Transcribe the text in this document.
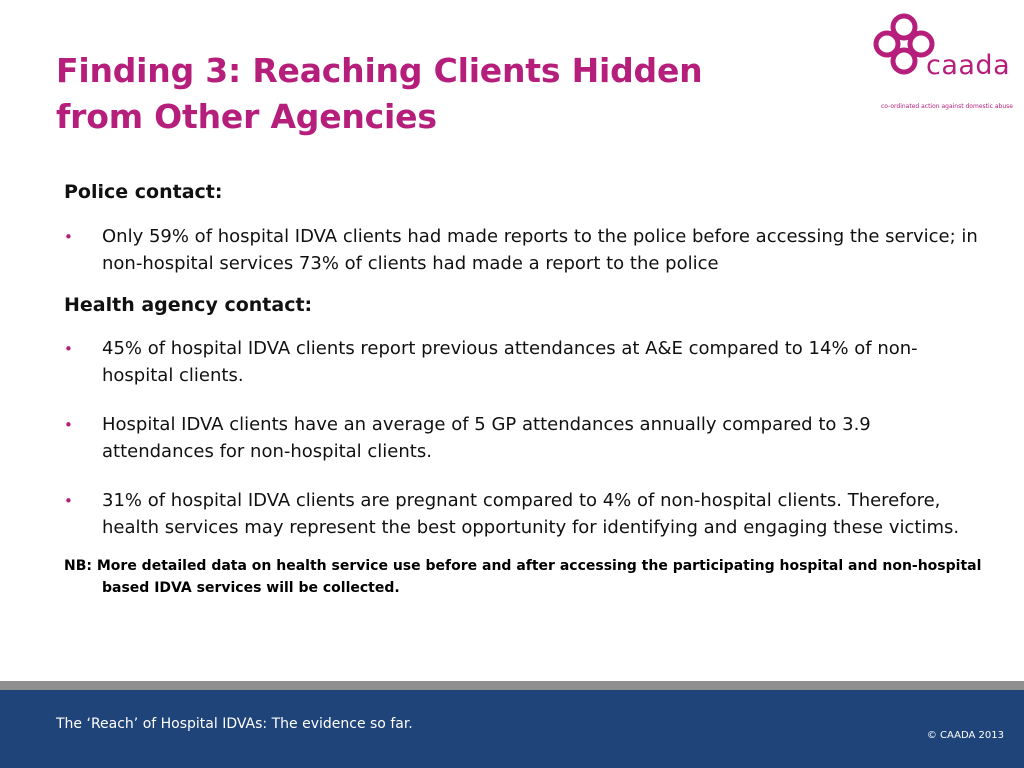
Finding 3: Reaching Clients Hidden
from Other Agencies
caada
co-ordinated action against domestic abuse
Police contact:
• Only 59% of hospital IDVA clients had made reports to the police before accessing the service; in non-hospital services 73% of clients had made a report to the police
Health agency contact:
• 45% of hospital IDVA clients report previous attendances at A&E compared to 14% of non-hospital clients.
• Hospital IDVA clients have an average of 5 GP attendances annually compared to 3.9 attendances for non-hospital clients.
• 31% of hospital IDVA clients are pregnant compared to 4% of non-hospital clients. Therefore, health services may represent the best opportunity for identifying and engaging these victims.
NB: More detailed data on health service use before and after accessing the participating hospital and non-hospital based IDVA services will be collected.
The ‘Reach’ of Hospital IDVAs: The evidence so far.
© CAADA 2013
